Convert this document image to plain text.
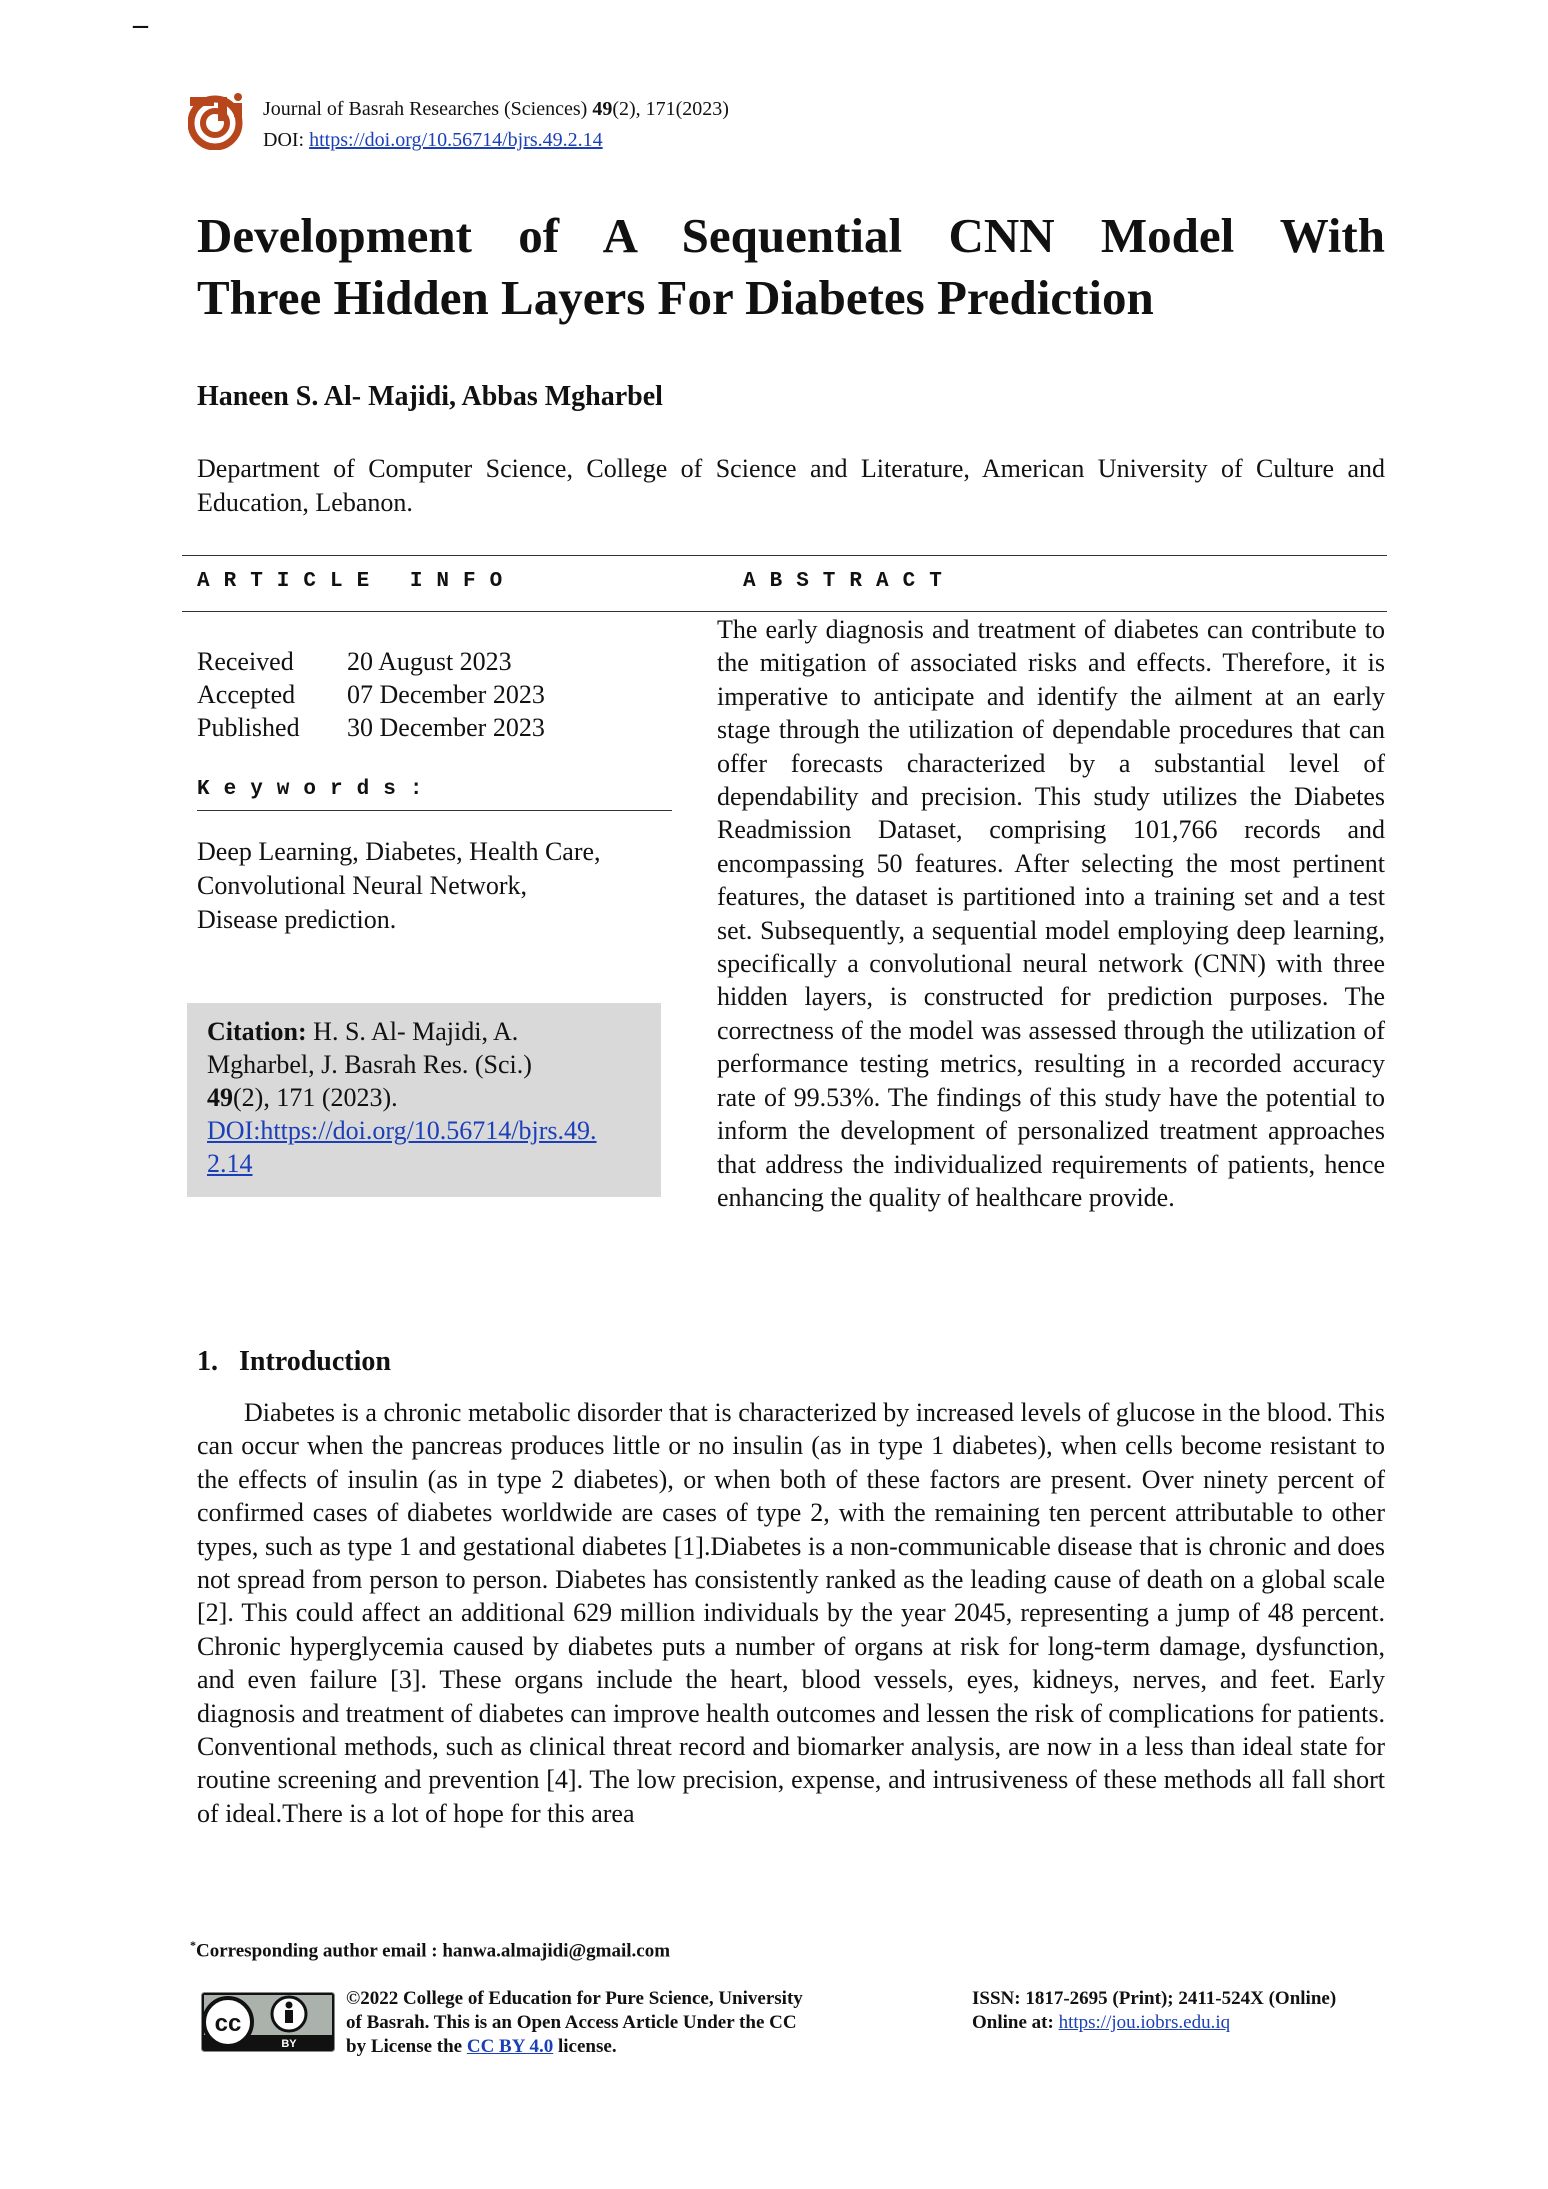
–
Journal of Basrah Researches (Sciences) 49(2), 171(2023)
DOI: https://doi.org/10.56714/bjrs.49.2.14
Development of A Sequential CNN Model With
Three Hidden Layers For Diabetes Prediction
Haneen S. Al- Majidi, Abbas Mgharbel
Department of Computer Science, College of Science and Literature, American University of Culture and Education, Lebanon.
ARTICLE INFO	ABSTRACT
Received 20 August 2023
Accepted 07 December 2023
Published 30 December 2023
Keywords:
Deep Learning, Diabetes, Health Care,
Convolutional Neural Network,
Disease prediction.
Citation: H. S. Al- Majidi, A.
Mgharbel, J. Basrah Res. (Sci.)
49(2), 171 (2023).
DOI:https://doi.org/10.56714/bjrs.49.
2.14
The early diagnosis and treatment of diabetes can contribute to the mitigation of associated risks and effects. Therefore, it is imperative to anticipate and identify the ailment at an early stage through the utilization of dependable procedures that can offer forecasts characterized by a substantial level of dependability and precision. This study utilizes the Diabetes Readmission Dataset, comprising 101,766 records and encompassing 50 features. After selecting the most pertinent features, the dataset is partitioned into a training set and a test set. Subsequently, a sequential model employing deep learning, specifically a convolutional neural network (CNN) with three hidden layers, is constructed for prediction purposes. The correctness of the model was assessed through the utilization of performance testing metrics, resulting in a recorded accuracy rate of 99.53%. The findings of this study have the potential to inform the development of personalized treatment approaches that address the individualized requirements of patients, hence enhancing the quality of healthcare provide.
1.   Introduction

Diabetes is a chronic metabolic disorder that is characterized by increased levels of glucose in the blood. This can occur when the pancreas produces little or no insulin (as in type 1 diabetes), when cells become resistant to the effects of insulin (as in type 2 diabetes), or when both of these factors are present. Over ninety percent of confirmed cases of diabetes worldwide are cases of type 2, with the remaining ten percent attributable to other types, such as type 1 and gestational diabetes [1].Diabetes is a non-communicable disease that is chronic and does not spread from person to person. Diabetes has consistently ranked as the leading cause of death on a global scale [2]. This could affect an additional 629 million individuals by the year 2045, representing a jump of 48 percent. Chronic hyperglycemia caused by diabetes puts a number of organs at risk for long-term damage, dysfunction, and even failure [3]. These organs include the heart, blood vessels, eyes, kidneys, nerves, and feet. Early diagnosis and treatment of diabetes can improve health outcomes and lessen the risk of complications for patients. Conventional methods, such as clinical threat record and biomarker analysis, are now in a less than ideal state for routine screening and prevention [4]. The low precision, expense, and intrusiveness of these methods all fall short of ideal.There is a lot of hope for this area

*Corresponding author email : hanwa.almajidi@gmail.com
cc
BY
©2022 College of Education for Pure Science, University
of Basrah. This is an Open Access Article Under the CC
by License the CC BY 4.0 license.
ISSN: 1817-2695 (Print); 2411-524X (Online)
Online at: https://jou.iobrs.edu.iq
